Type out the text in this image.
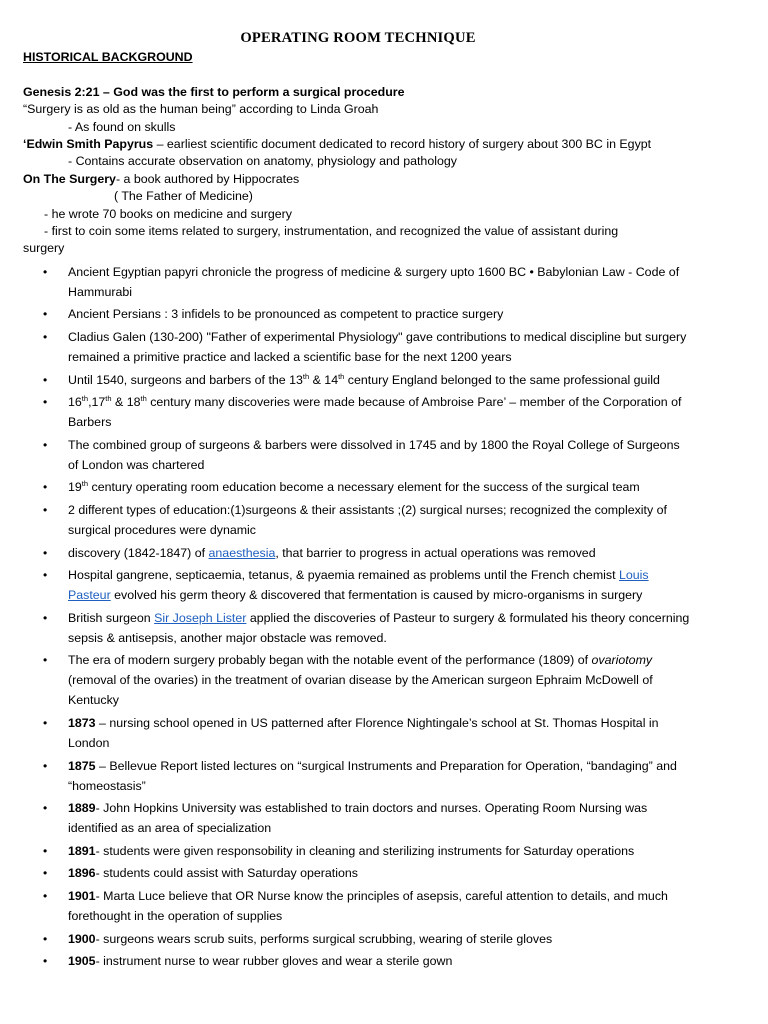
OPERATING ROOM TECHNIQUE

HISTORICAL BACKGROUND

Genesis 2:21 – God was the first to perform a surgical procedure

“Surgery is as old as the human being” according to Linda Groah

- As found on skulls

‘Edwin Smith Papyrus – earliest scientific document dedicated to record history of surgery about 300 BC in Egypt

- Contains accurate observation on anatomy, physiology and pathology

On The Surgery- a book authored by Hippocrates

( The Father of Medicine)

- he wrote 70 books on medicine and surgery

- first to coin some items related to surgery, instrumentation, and recognized the value of assistant during

surgery

• Ancient Egyptian papyri chronicle the progress of medicine & surgery upto 1600 BC • Babylonian Law - Code of Hammurabi
• Ancient Persians : 3 infidels to be pronounced as competent to practice surgery
• Cladius Galen (130-200) "Father of experimental Physiology" gave contributions to medical discipline but surgery remained a primitive practice and lacked a scientific base for the next 1200 years
• Until 1540, surgeons and barbers of the 13th & 14th century England belonged to the same professional guild
• 16th,17th & 18th century many discoveries were made because of Ambroise Pare’ – member of the Corporation of Barbers
• The combined group of surgeons & barbers were dissolved in 1745 and by 1800 the Royal College of Surgeons of London was chartered
• 19th century operating room education become a necessary element for the success of the surgical team
• 2 different types of education:(1)surgeons & their assistants ;(2) surgical nurses; recognized the complexity of surgical procedures were dynamic
• discovery (1842-1847) of anaesthesia, that barrier to progress in actual operations was removed
• Hospital gangrene, septicaemia, tetanus, & pyaemia remained as problems until the French chemist Louis Pasteur evolved his germ theory & discovered that fermentation is caused by micro-organisms in surgery
• British surgeon Sir Joseph Lister applied the discoveries of Pasteur to surgery & formulated his theory concerning sepsis & antisepsis, another major obstacle was removed.
• The era of modern surgery probably began with the notable event of the performance (1809) of ovariotomy (removal of the ovaries) in the treatment of ovarian disease by the American surgeon Ephraim McDowell of Kentucky
• 1873 – nursing school opened in US patterned after Florence Nightingale’s school at St. Thomas Hospital in London
• 1875 – Bellevue Report listed lectures on “surgical Instruments and Preparation for Operation, “bandaging” and “homeostasis”
• 1889- John Hopkins University was established to train doctors and nurses. Operating Room Nursing was identified as an area of specialization
• 1891- students were given responsobility in cleaning and sterilizing instruments for Saturday operations
• 1896- students could assist with Saturday operations
• 1901- Marta Luce believe that OR Nurse know the principles of asepsis, careful attention to details, and much forethought in the operation of supplies
• 1900- surgeons wears scrub suits, performs surgical scrubbing, wearing of sterile gloves
• 1905- instrument nurse to wear rubber gloves and wear a sterile gown
